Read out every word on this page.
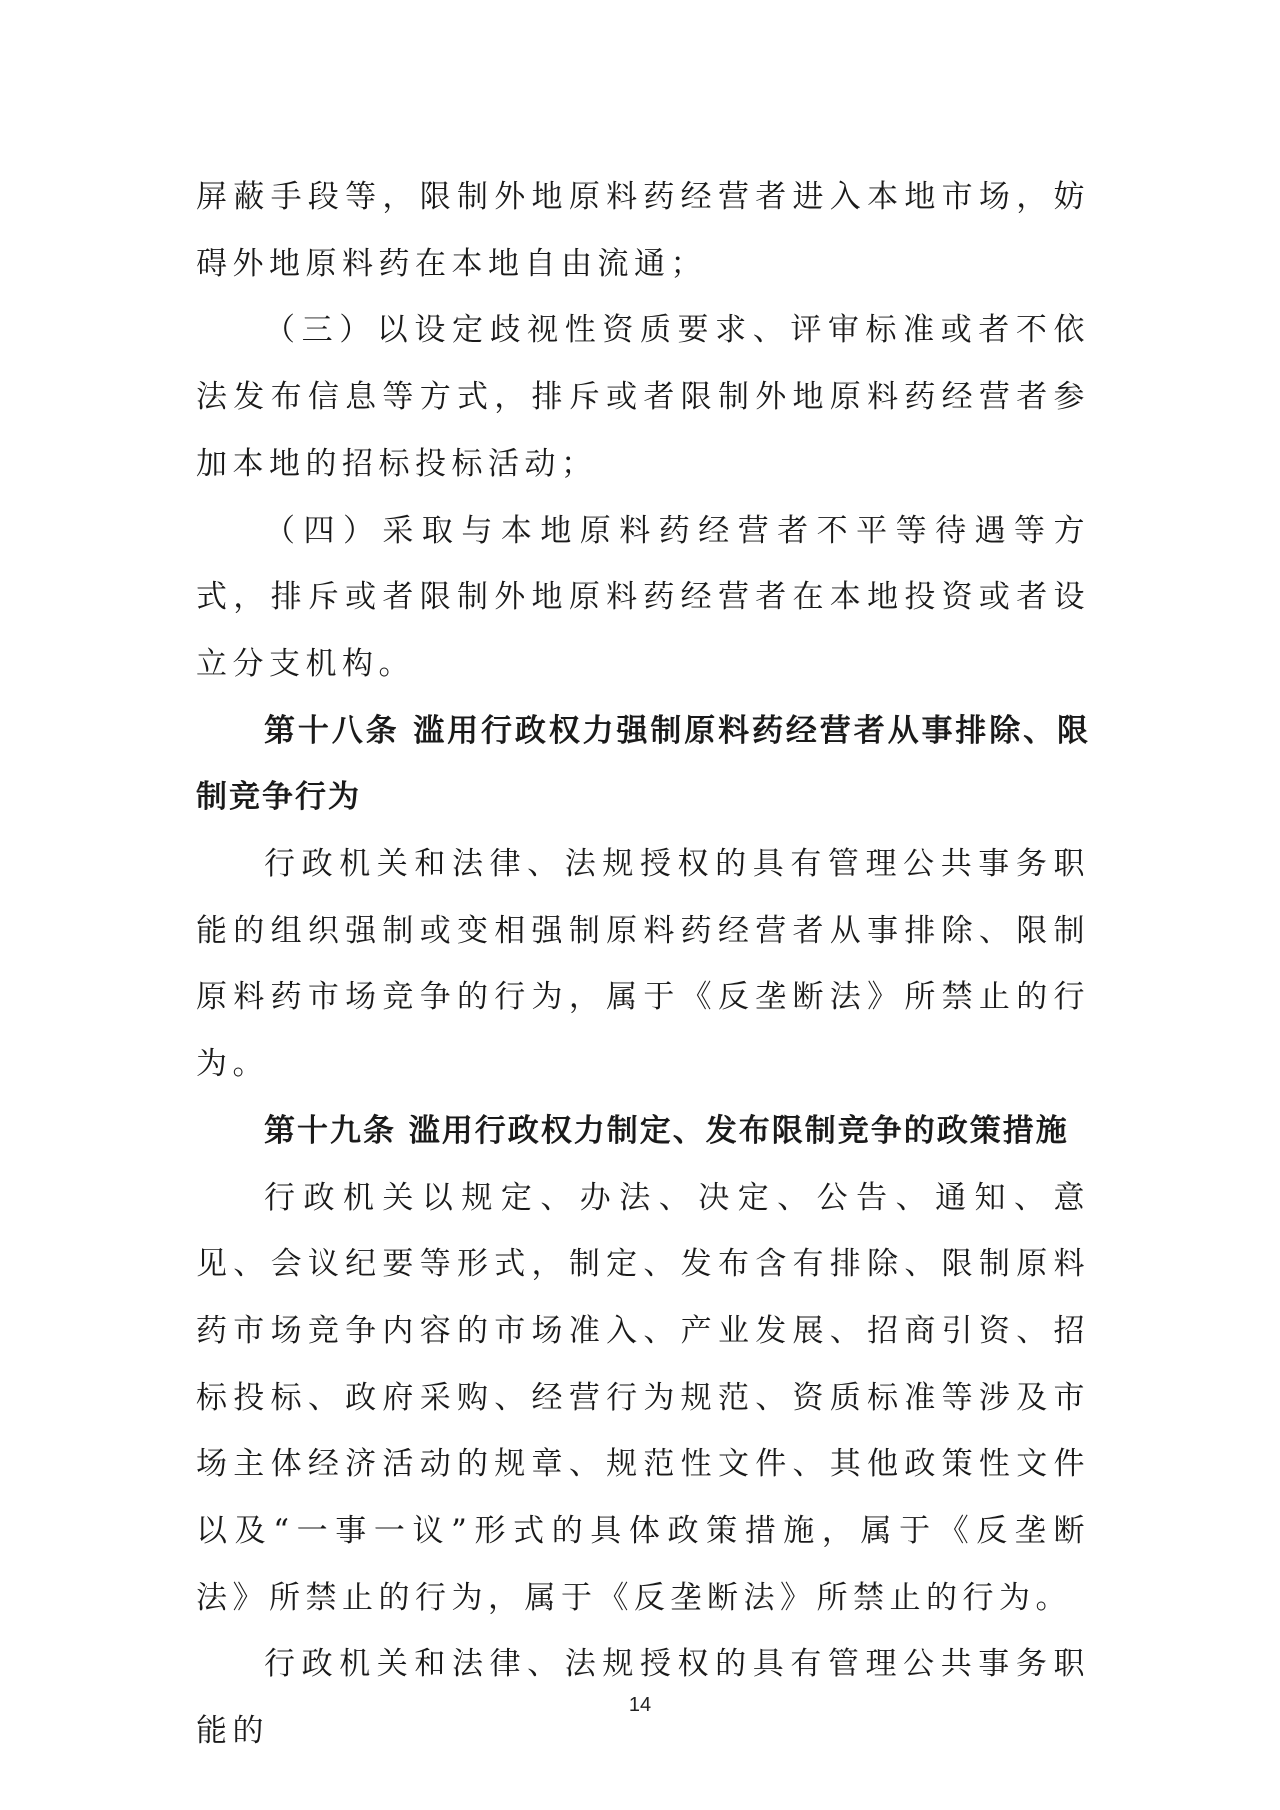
屏蔽手段等，限制外地原料药经营者进入本地市场，妨碍外地原料药在本地自由流通；

（三）以设定歧视性资质要求、评审标准或者不依法发布信息等方式，排斥或者限制外地原料药经营者参加本地的招标投标活动；

（四）采取与本地原料药经营者不平等待遇等方式，排斥或者限制外地原料药经营者在本地投资或者设立分支机构。

第十八条 滥用行政权力强制原料药经营者从事排除、限制竞争行为

行政机关和法律、法规授权的具有管理公共事务职能的组织强制或变相强制原料药经营者从事排除、限制原料药市场竞争的行为，属于《反垄断法》所禁止的行为。

第十九条 滥用行政权力制定、发布限制竞争的政策措施

行政机关以规定、办法、决定、公告、通知、意见、会议纪要等形式，制定、发布含有排除、限制原料药市场竞争内容的市场准入、产业发展、招商引资、招标投标、政府采购、经营行为规范、资质标准等涉及市场主体经济活动的规章、规范性文件、其他政策性文件以及“一事一议”形式的具体政策措施，属于《反垄断法》所禁止的行为，属于《反垄断法》所禁止的行为。

行政机关和法律、法规授权的具有管理公共事务职能的

14
